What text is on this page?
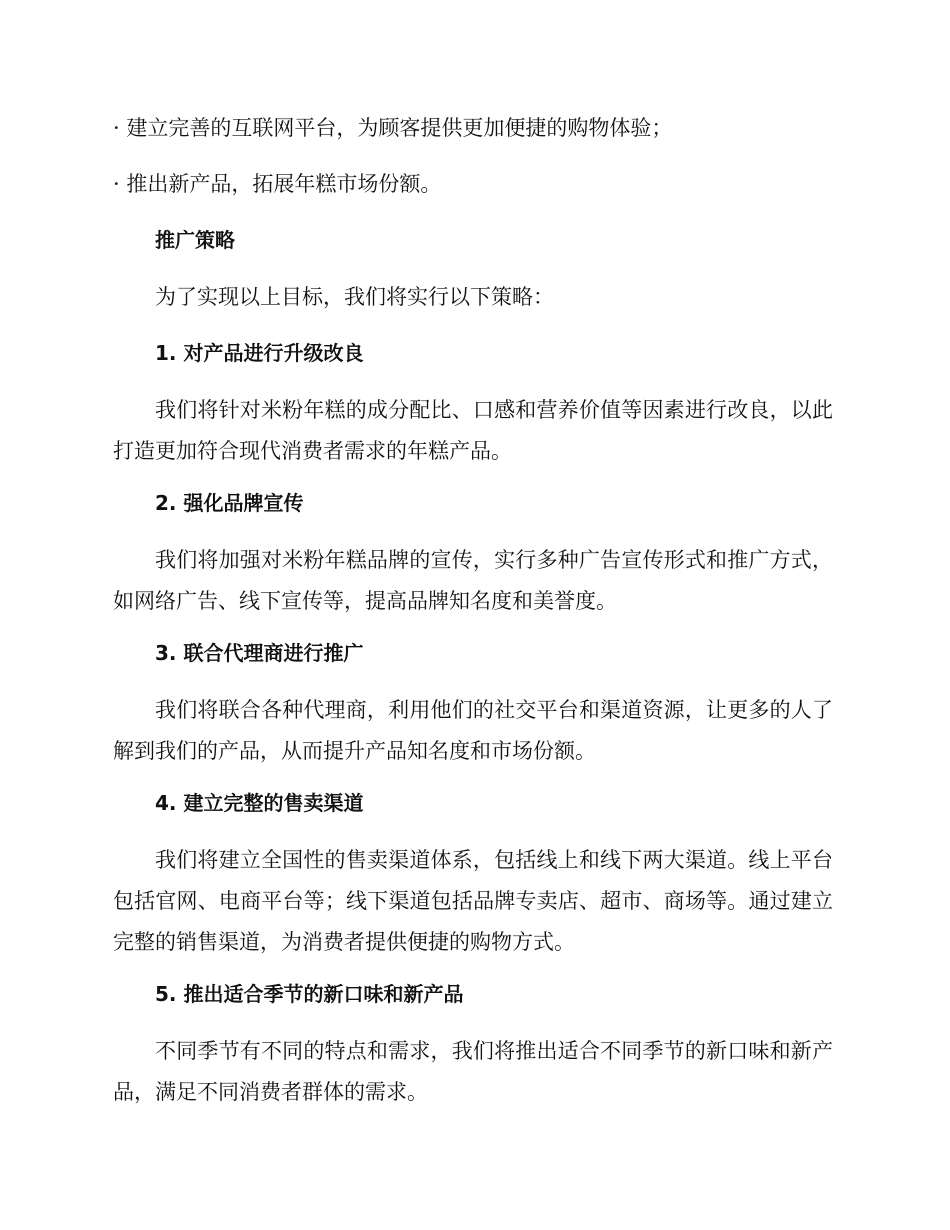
· 建立完善的互联网平台，为顾客提供更加便捷的购物体验；

· 推出新产品，拓展年糕市场份额。

推广策略

为了实现以上目标，我们将实行以下策略：

1. 对产品进行升级改良

我们将针对米粉年糕的成分配比、口感和营养价值等因素进行改良，以此打造更加符合现代消费者需求的年糕产品。

2. 强化品牌宣传

我们将加强对米粉年糕品牌的宣传，实行多种广告宣传形式和推广方式，如网络广告、线下宣传等，提高品牌知名度和美誉度。

3. 联合代理商进行推广

我们将联合各种代理商，利用他们的社交平台和渠道资源，让更多的人了解到我们的产品，从而提升产品知名度和市场份额。

4. 建立完整的售卖渠道

我们将建立全国性的售卖渠道体系，包括线上和线下两大渠道。线上平台包括官网、电商平台等；线下渠道包括品牌专卖店、超市、商场等。通过建立完整的销售渠道，为消费者提供便捷的购物方式。

5. 推出适合季节的新口味和新产品

不同季节有不同的特点和需求，我们将推出适合不同季节的新口味和新产品，满足不同消费者群体的需求。
